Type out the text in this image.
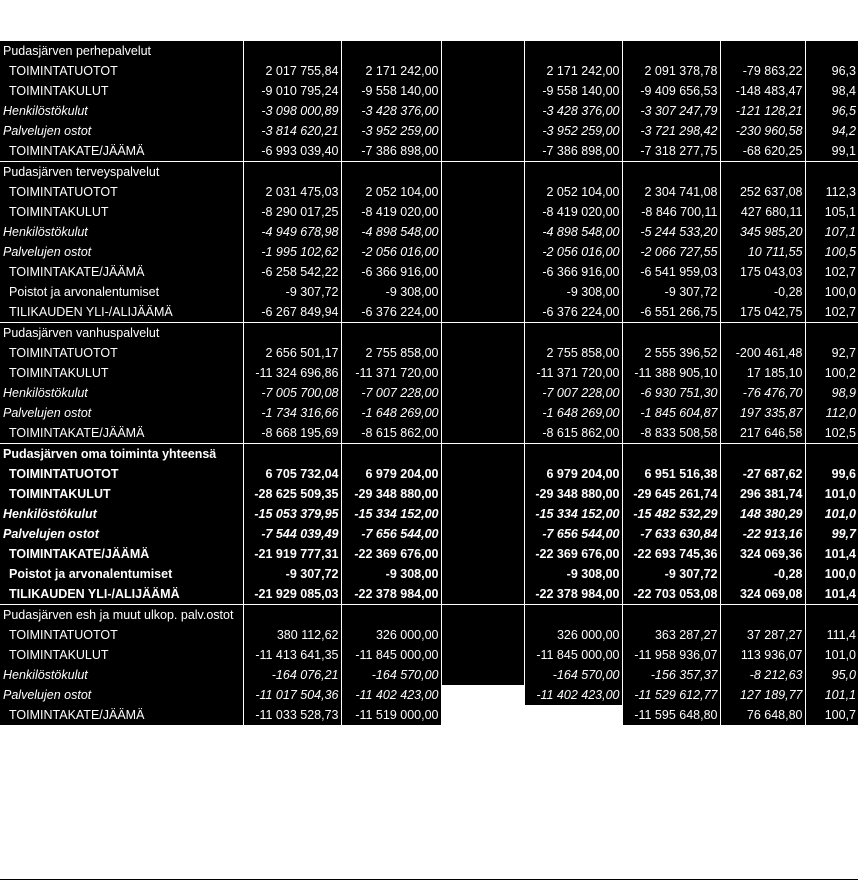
Pudasjärven perhepalvelut							
TOIMINTATUOTOT	2 017 755,84	2 171 242,00		2 171 242,00	2 091 378,78	-79 863,22	96,3
TOIMINTAKULUT	-9 010 795,24	-9 558 140,00		-9 558 140,00	-9 409 656,53	-148 483,47	98,4
Henkilöstökulut	-3 098 000,89	-3 428 376,00		-3 428 376,00	-3 307 247,79	-121 128,21	96,5
Palvelujen ostot	-3 814 620,21	-3 952 259,00		-3 952 259,00	-3 721 298,42	-230 960,58	94,2
TOIMINTAKATE/JÄÄMÄ	-6 993 039,40	-7 386 898,00		-7 386 898,00	-7 318 277,75	-68 620,25	99,1
Pudasjärven terveyspalvelut							
TOIMINTATUOTOT	2 031 475,03	2 052 104,00		2 052 104,00	2 304 741,08	252 637,08	112,3
TOIMINTAKULUT	-8 290 017,25	-8 419 020,00		-8 419 020,00	-8 846 700,11	427 680,11	105,1
Henkilöstökulut	-4 949 678,98	-4 898 548,00		-4 898 548,00	-5 244 533,20	345 985,20	107,1
Palvelujen ostot	-1 995 102,62	-2 056 016,00		-2 056 016,00	-2 066 727,55	10 711,55	100,5
TOIMINTAKATE/JÄÄMÄ	-6 258 542,22	-6 366 916,00		-6 366 916,00	-6 541 959,03	175 043,03	102,7
Poistot ja arvonalentumiset	-9 307,72	-9 308,00		-9 308,00	-9 307,72	-0,28	100,0
TILIKAUDEN YLI-/ALIJÄÄMÄ	-6 267 849,94	-6 376 224,00		-6 376 224,00	-6 551 266,75	175 042,75	102,7
Pudasjärven vanhuspalvelut							
TOIMINTATUOTOT	2 656 501,17	2 755 858,00		2 755 858,00	2 555 396,52	-200 461,48	92,7
TOIMINTAKULUT	-11 324 696,86	-11 371 720,00		-11 371 720,00	-11 388 905,10	17 185,10	100,2
Henkilöstökulut	-7 005 700,08	-7 007 228,00		-7 007 228,00	-6 930 751,30	-76 476,70	98,9
Palvelujen ostot	-1 734 316,66	-1 648 269,00		-1 648 269,00	-1 845 604,87	197 335,87	112,0
TOIMINTAKATE/JÄÄMÄ	-8 668 195,69	-8 615 862,00		-8 615 862,00	-8 833 508,58	217 646,58	102,5
Pudasjärven oma toiminta yhteensä							
TOIMINTATUOTOT	6 705 732,04	6 979 204,00		6 979 204,00	6 951 516,38	-27 687,62	99,6
TOIMINTAKULUT	-28 625 509,35	-29 348 880,00		-29 348 880,00	-29 645 261,74	296 381,74	101,0
Henkilöstökulut	-15 053 379,95	-15 334 152,00		-15 334 152,00	-15 482 532,29	148 380,29	101,0
Palvelujen ostot	-7 544 039,49	-7 656 544,00		-7 656 544,00	-7 633 630,84	-22 913,16	99,7
TOIMINTAKATE/JÄÄMÄ	-21 919 777,31	-22 369 676,00		-22 369 676,00	-22 693 745,36	324 069,36	101,4
Poistot ja arvonalentumiset	-9 307,72	-9 308,00		-9 308,00	-9 307,72	-0,28	100,0
TILIKAUDEN YLI-/ALIJÄÄMÄ	-21 929 085,03	-22 378 984,00		-22 378 984,00	-22 703 053,08	324 069,08	101,4
Pudasjärven esh ja muut ulkop. palv.ostot							
TOIMINTATUOTOT	380 112,62	326 000,00		326 000,00	363 287,27	37 287,27	111,4
TOIMINTAKULUT	-11 413 641,35	-11 845 000,00		-11 845 000,00	-11 958 936,07	113 936,07	101,0
Henkilöstökulut	-164 076,21	-164 570,00		-164 570,00	-156 357,37	-8 212,63	95,0
Palvelujen ostot	-11 017 504,36	-11 402 423,00		-11 402 423,00	-11 529 612,77	127 189,77	101,1
TOIMINTAKATE/JÄÄMÄ	-11 033 528,73	-11 519 000,00			-11 595 648,80	76 648,80	100,7
